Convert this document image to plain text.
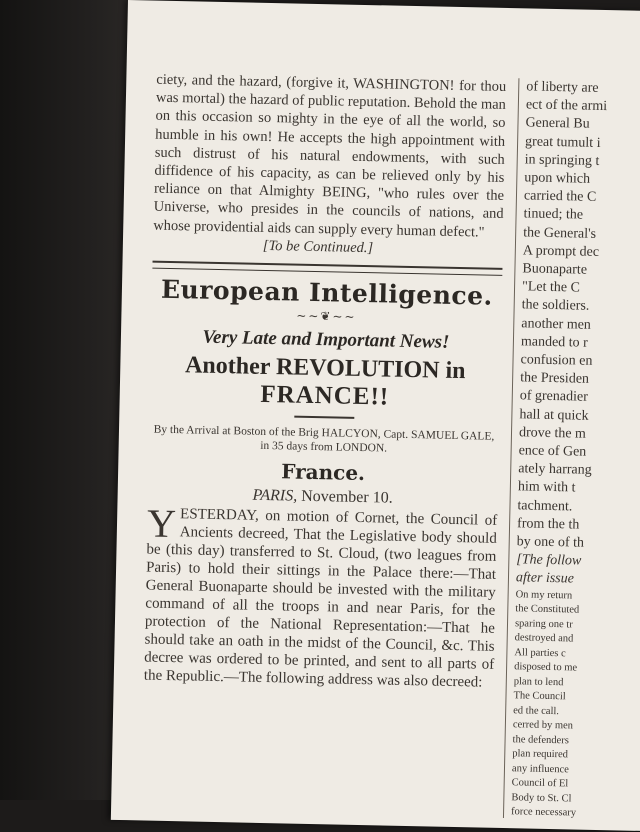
ciety, and the hazard, (forgive it, WASHINGTON! for thou was mortal) the hazard of public reputation. Behold the man on this occasion so mighty in the eye of all the world, so humble in his own! He accepts the high appointment with such distrust of his natural endowments, with such diffidence of his capacity, as can be relieved only by his reliance on that Almighty BEING, "who rules over the Universe, who presides in the councils of nations, and whose providential aids can supply every human defect."

[To be Continued.]

European Intelligence.
~~❦~~
Very Late and Important News!
Another REVOLUTION in
FRANCE!!

By the Arrival at Boston of the Brig HALCYON, Capt. SAMUEL GALE, in 35 days from LONDON.

France.

PARIS, November 10.

Y ESTERDAY, on motion of Cornet, the Council of Ancients decreed, That the Legislative body should be (this day) transferred to St. Cloud, (two leagues from Paris) to hold their sittings in the Palace there:—That General Buonaparte should be invested with the military command of all the troops in and near Paris, for the protection of the National Representation:—That he should take an oath in the midst of the Council, &c. This decree was ordered to be printed, and sent to all parts of the Republic.—The following address was also decreed:

of liberty are

ect of the armi

General Bu

great tumult i

in springing t

upon which

carried the C

tinued; the

the General's

A prompt dec

Buonaparte

"Let the C

the soldiers.

another men

manded to r

confusion en

the Presiden

of grenadier

hall at quick

drove the m

ence of Gen

ately harrang

him with t

tachment.

from the th

by one of th

[The follow

after issue

On my return

the Constituted

sparing one tr

destroyed and

All parties c

disposed to me

plan to lend

The Council

ed the call.

cerred by men

the defenders

plan required

any influence

Council of El

Body to St. Cl

force necessary
